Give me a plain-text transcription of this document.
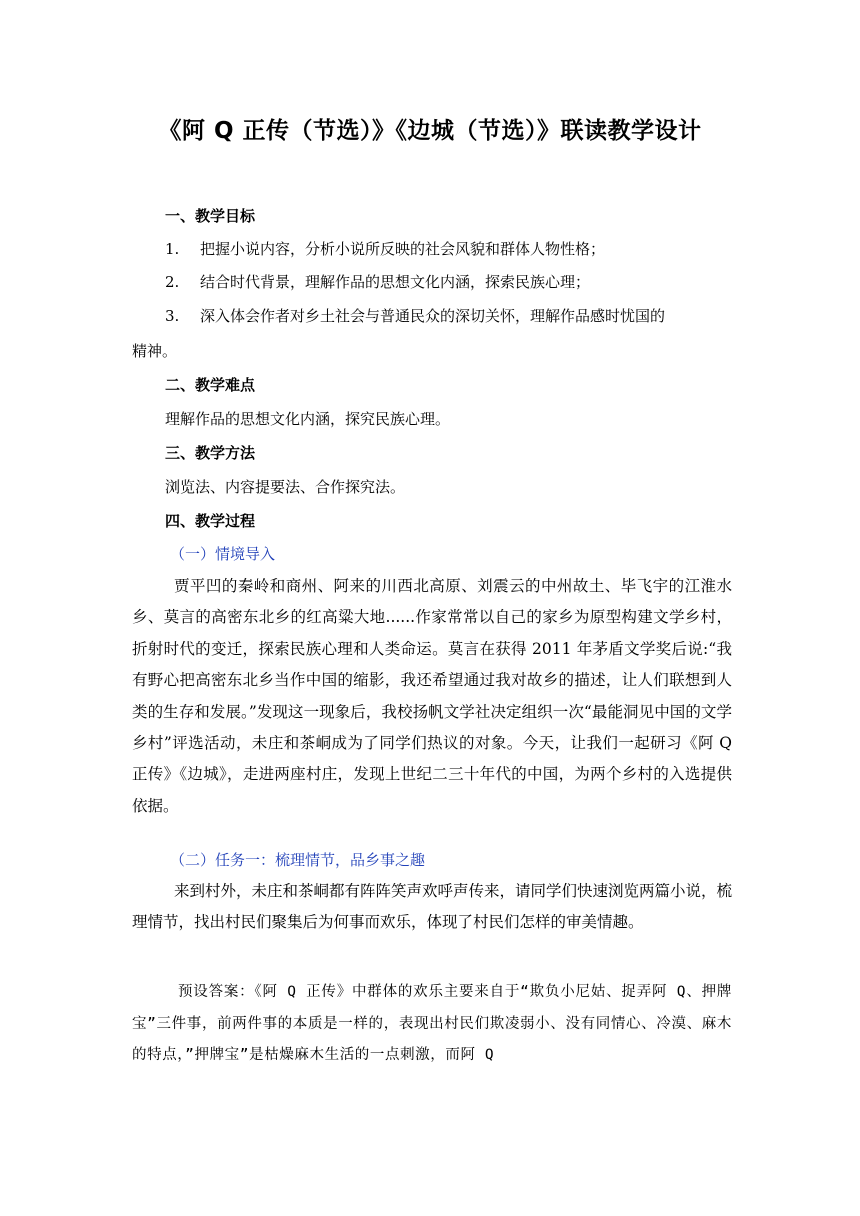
《阿 Q 正传（节选）》《边城（节选）》联读教学设计
一、教学目标
1. 把握小说内容，分析小说所反映的社会风貌和群体人物性格；
2. 结合时代背景，理解作品的思想文化内涵，探索民族心理；
3. 深入体会作者对乡土社会与普通民众的深切关怀，理解作品感时忧国的
精神。
二、教学难点
理解作品的思想文化内涵，探究民族心理。
三、教学方法
浏览法、内容提要法、合作探究法。
四、教学过程
（一）情境导入
贾平凹的秦岭和商州、阿来的川西北高原、刘震云的中州故土、毕飞宇的江淮水乡、莫言的高密东北乡的红高粱大地......作家常常以自己的家乡为原型构建文学乡村，折射时代的变迁，探索民族心理和人类命运。莫言在获得 2011 年茅盾文学奖后说:“我有野心把高密东北乡当作中国的缩影，我还希望通过我对故乡的描述，让人们联想到人类的生存和发展。”发现这一现象后，我校扬帆文学社决定组织一次“最能洞见中国的文学乡村”评选活动，未庄和茶峒成为了同学们热议的对象。今天，让我们一起研习《阿 Q 正传》《边城》，走进两座村庄，发现上世纪二三十年代的中国，为两个乡村的入选提供依据。
（二）任务一：梳理情节，品乡事之趣
来到村外，未庄和茶峒都有阵阵笑声欢呼声传来，请同学们快速浏览两篇小说，梳理情节，找出村民们聚集后为何事而欢乐，体现了村民们怎样的审美情趣。
预设答案：《阿 Q 正传》中群体的欢乐主要来自于“欺负小尼姑、捉弄阿 Q、押牌宝”三件事，前两件事的本质是一样的，表现出村民们欺凌弱小、没有同情心、冷漠、麻木的特点，”押牌宝”是枯燥麻木生活的一点刺激，而阿 Q
